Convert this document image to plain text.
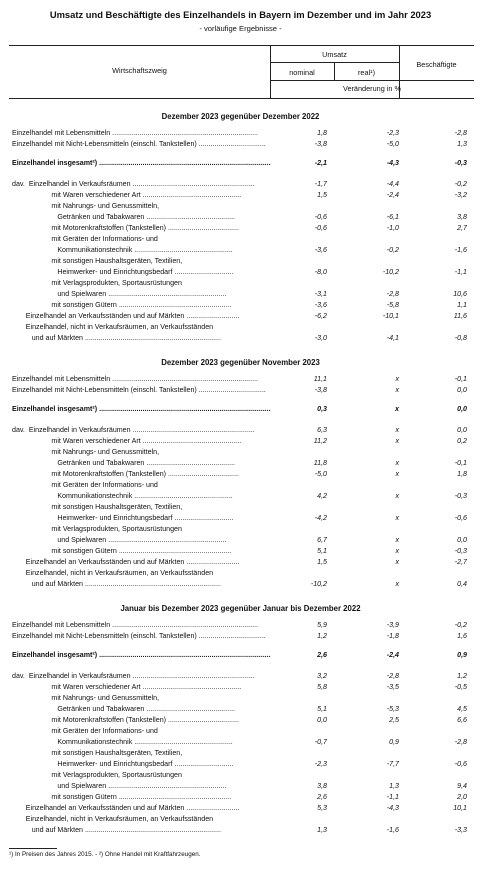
Umsatz und Beschäftigte des Einzelhandels in Bayern im Dezember und im Jahr 2023
- vorläufige Ergebnisse -
Wirtschaftszweig
Umsatz
nominal	real¹)
Beschäftigte
Veränderung in %
Dezember 2023 gegenüber Dezember 2022
Einzelhandel mit Lebensmitteln ..........................................................................	1,8	-2,3	-2,8
Einzelhandel mit Nicht-Lebensmitteln (einschl. Tankstellen) ..................................	-3,8	-5,0	1,3
Einzelhandel insgesamt²) .......................................................................................	-2,1	-4,3	-0,3
dav.  Einzelhandel in Verkaufsräumen ..............................................................	-1,7	-4,4	-0,2
mit Waren verschiedener Art ..................................................	1,5	-2,4	-3,2
mit Nahrungs- und Genussmitteln,
Getränken und Tabakwaren .............................................	-0,6	-6,1	3,8
mit Motorenkraftstoffen (Tankstellen) ....................................	-0,6	-1,0	2,7
mit Geräten der Informations- und
Kommunikationstechnik ..................................................	-3,6	-0,2	-1,6
mit sonstigen Haushaltsgeräten, Textilien,
Heimwerker- und Einrichtungsbedarf ..............................	-8,0	-10,2	-1,1
mit Verlagsprodukten, Sportausrüstungen
und Spielwaren ............................................................	-3,1	-2,8	10,6
mit sonstigen Gütern .........................................................	-3,6	-5,8	1,1
Einzelhandel an Verkaufsständen und auf Märkten ...........................	-6,2	-10,1	11,6
Einzelhandel, nicht in Verkaufsräumen, an Verkaufsständen
und auf Märkten .....................................................................	-3,0	-4,1	-0,8
Dezember 2023 gegenüber November 2023
Einzelhandel mit Lebensmitteln ..........................................................................	11,1	x	-0,1
Einzelhandel mit Nicht-Lebensmitteln (einschl. Tankstellen) ..................................	-3,8	x	0,0
Einzelhandel insgesamt²) .......................................................................................	0,3	x	0,0
dav.  Einzelhandel in Verkaufsräumen ..............................................................	6,3	x	0,0
mit Waren verschiedener Art ..................................................	11,2	x	0,2
mit Nahrungs- und Genussmitteln,
Getränken und Tabakwaren .............................................	11,8	x	-0,1
mit Motorenkraftstoffen (Tankstellen) ....................................	-5,0	x	1,8
mit Geräten der Informations- und
Kommunikationstechnik ..................................................	4,2	x	-0,3
mit sonstigen Haushaltsgeräten, Textilien,
Heimwerker- und Einrichtungsbedarf ..............................	-4,2	x	-0,6
mit Verlagsprodukten, Sportausrüstungen
und Spielwaren ............................................................	6,7	x	0,0
mit sonstigen Gütern .........................................................	5,1	x	-0,3
Einzelhandel an Verkaufsständen und auf Märkten ...........................	1,5	x	-2,7
Einzelhandel, nicht in Verkaufsräumen, an Verkaufsständen
und auf Märkten .....................................................................	-10,2	x	0,4
Januar bis Dezember 2023 gegenüber Januar bis Dezember 2022
Einzelhandel mit Lebensmitteln ..........................................................................	5,9	-3,9	-0,2
Einzelhandel mit Nicht-Lebensmitteln (einschl. Tankstellen) ..................................	1,2	-1,8	1,6
Einzelhandel insgesamt²) .......................................................................................	2,6	-2,4	0,9
dav.  Einzelhandel in Verkaufsräumen ..............................................................	3,2	-2,8	1,2
mit Waren verschiedener Art ..................................................	5,8	-3,5	-0,5
mit Nahrungs- und Genussmitteln,
Getränken und Tabakwaren .............................................	5,1	-5,3	4,5
mit Motorenkraftstoffen (Tankstellen) ....................................	0,0	2,5	6,6
mit Geräten der Informations- und
Kommunikationstechnik ..................................................	-0,7	0,9	-2,8
mit sonstigen Haushaltsgeräten, Textilien,
Heimwerker- und Einrichtungsbedarf ..............................	-2,3	-7,7	-0,6
mit Verlagsprodukten, Sportausrüstungen
und Spielwaren ............................................................	3,8	1,3	9,4
mit sonstigen Gütern .........................................................	2,6	-1,1	2,0
Einzelhandel an Verkaufsständen und auf Märkten ...........................	5,3	-4,3	10,1
Einzelhandel, nicht in Verkaufsräumen, an Verkaufsständen
und auf Märkten .....................................................................	1,3	-1,6	-3,3
¹) In Preisen des Jahres 2015. - ²) Ohne Handel mit Kraftfahrzeugen.
